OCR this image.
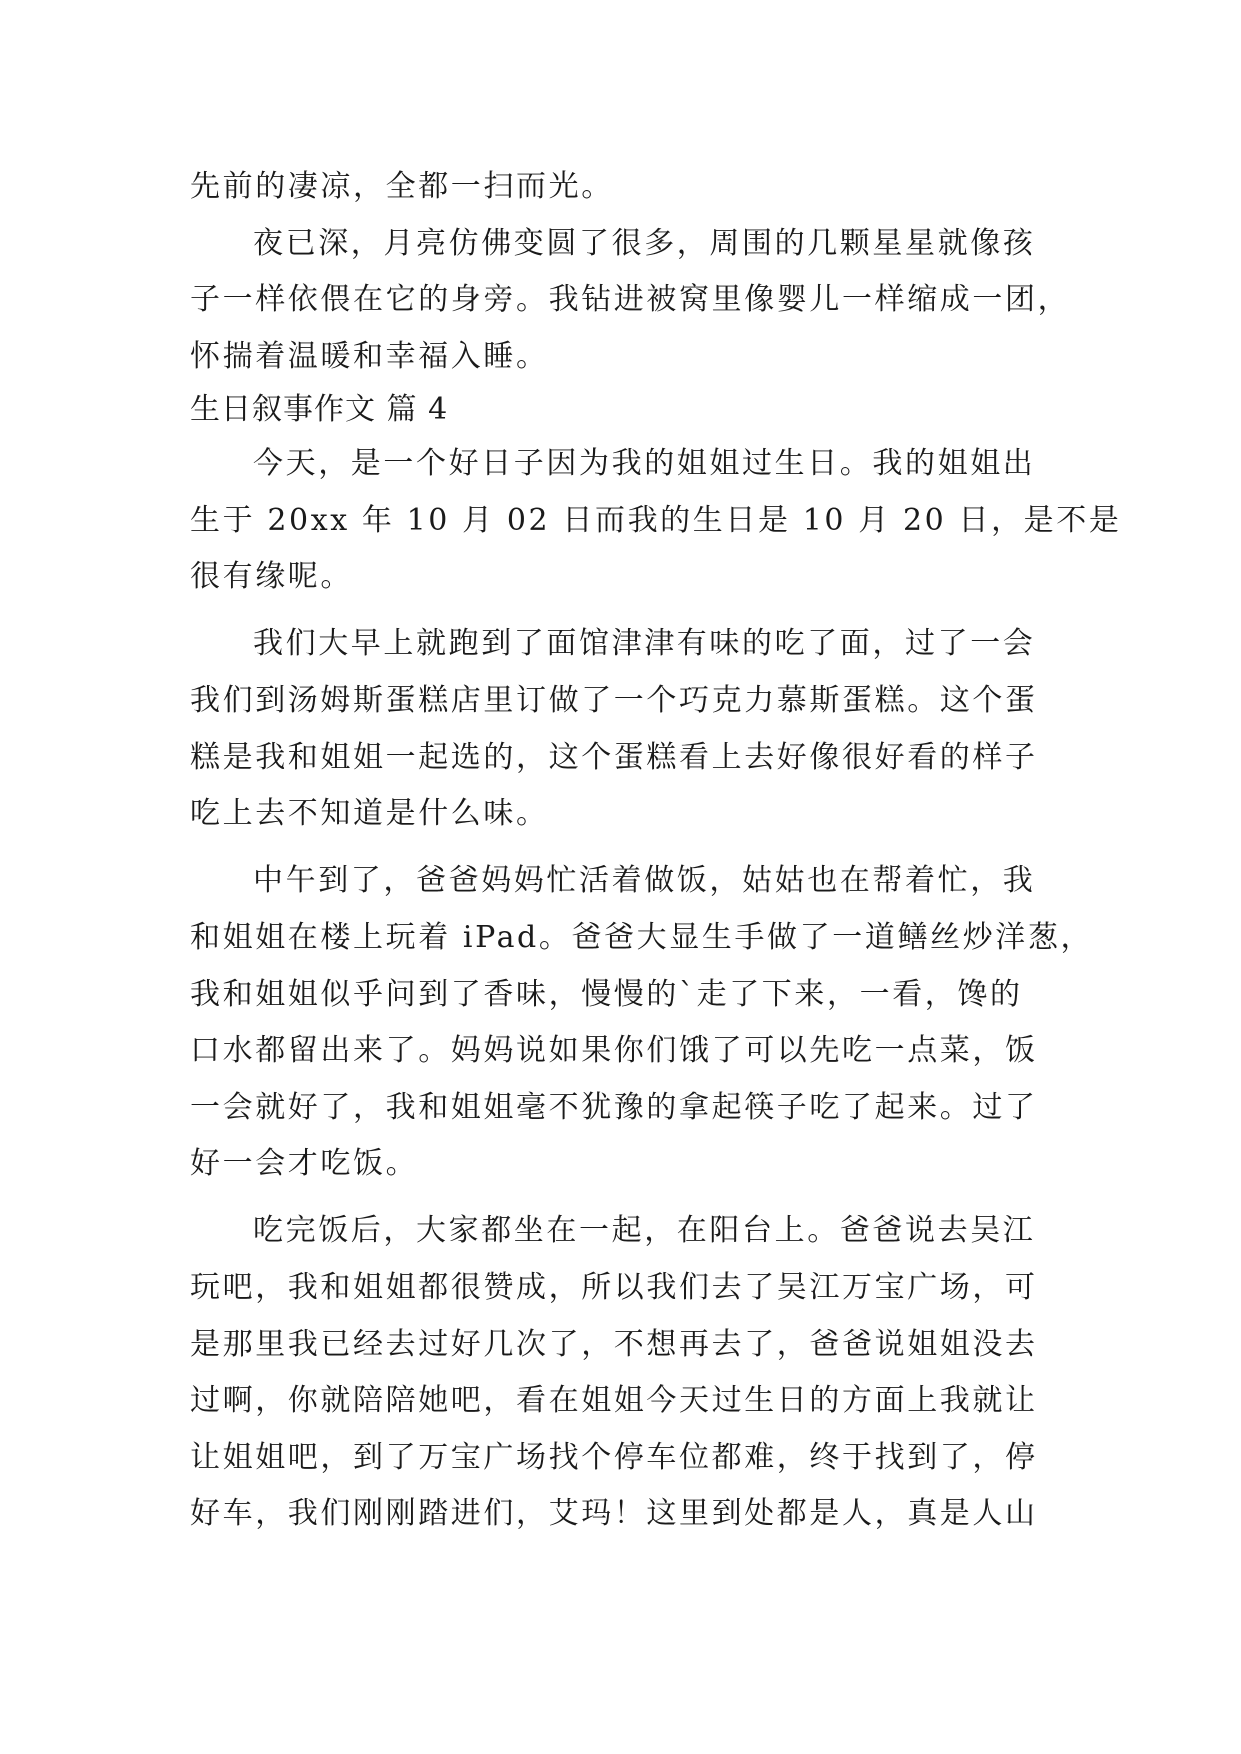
先前的凄凉，全都一扫而光。
夜已深，月亮仿佛变圆了很多，周围的几颗星星就像孩
子一样依偎在它的身旁。我钻进被窝里像婴儿一样缩成一团，
怀揣着温暖和幸福入睡。
生日叙事作文 篇 4
今天，是一个好日子因为我的姐姐过生日。我的姐姐出
生于 20xx 年 10 月 02 日而我的生日是 10 月 20 日，是不是
很有缘呢。
我们大早上就跑到了面馆津津有味的吃了面，过了一会
我们到汤姆斯蛋糕店里订做了一个巧克力慕斯蛋糕。这个蛋
糕是我和姐姐一起选的，这个蛋糕看上去好像很好看的样子
吃上去不知道是什么味。
中午到了，爸爸妈妈忙活着做饭，姑姑也在帮着忙，我
和姐姐在楼上玩着 iPad。爸爸大显生手做了一道鳝丝炒洋葱，
我和姐姐似乎问到了香味，慢慢的`走了下来，一看，馋的
口水都留出来了。妈妈说如果你们饿了可以先吃一点菜，饭
一会就好了，我和姐姐毫不犹豫的拿起筷子吃了起来。过了
好一会才吃饭。
吃完饭后，大家都坐在一起，在阳台上。爸爸说去吴江
玩吧，我和姐姐都很赞成，所以我们去了吴江万宝广场，可
是那里我已经去过好几次了，不想再去了，爸爸说姐姐没去
过啊，你就陪陪她吧，看在姐姐今天过生日的方面上我就让
让姐姐吧，到了万宝广场找个停车位都难，终于找到了，停
好车，我们刚刚踏进们，艾玛！这里到处都是人，真是人山
